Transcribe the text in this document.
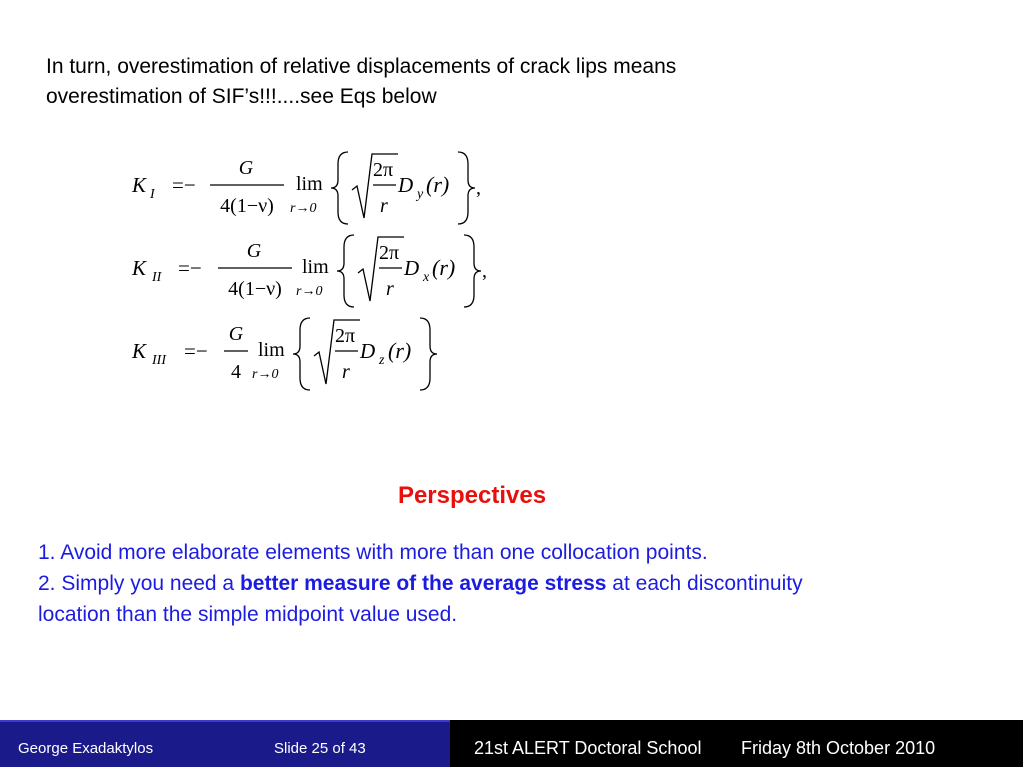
In turn, overestimation of relative displacements of crack lips means
overestimation of SIF’s!!!....see Eqs below
K I =−
G
4(1−ν)
lim
r→0
2π
r
D y (r) ,
K II =−
G
4(1−ν)
lim
r→0
2π
r
D x (r) ,
K III =−
G
4
lim
r→0
2π
r
D z (r)
Perspectives
1. Avoid more elaborate elements with more than one collocation points.
2. Simply you need a better measure of the average stress at each discontinuity
location than the simple midpoint value used.
George Exadaktylos	Slide 25 of 43	21st ALERT Doctoral School Friday 8th October 2010
